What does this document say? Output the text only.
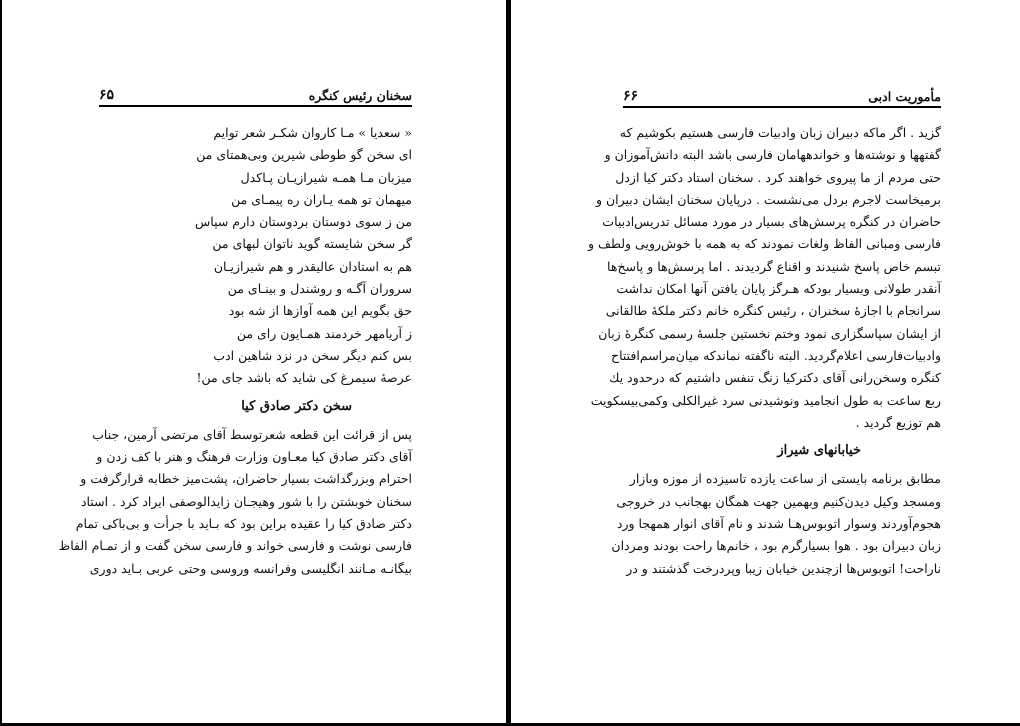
سخنان رئیس کنگره
۶۵
« سعدیا » مـا کاروان شکـر شعر توایم
ای سخن گو طوطی شیرین وبی‌همتای من
میزبان مـا همـه شیرازیـان پـاکدل
میهمان تو همه یـاران ره پیمـای من
من ز سوی دوستان بردوستان دارم سپاس
گر سخن شایسته گوید ناتوان لبهای من
هم به استادان عالیقدر و هم شیرازیـان
سروران آگـه و روشندل و بینـای من
حق بگویم این همه آوازها از شه بود
ز آریامهر خردمند همـایون رای من
بس کنم دیگر سخن در نزد شاهین ادب
عرصهٔ سیمرغ کی شاید که باشد جای من!
سخن دکتر صادق کیا
پس از قرائت این قطعه شعرتوسط آقای مرتضی آرمین، جناب
آقای دکتر صادق کیا معـاون وزارت فرهنگ و هنر با کف زدن و
احترام وبزرگداشت بسیار حاضران، پشت‌میز خطابه قرارگرفت و
سخنان خوبشتن را با شور وهیجـان زایدالوصفی ایراد کرد . استاد
دکتر صادق کیا را عقیده براین بود که بـاید با جرأت و بی‌باکی تمام
فارسی نوشت و فارسی خواند و فارسی سخن گفت و از تمـام الفاظ
بیگانـه مـانند انگلیسی وفرانسه وروسی وحتی عربی بـاید دوری
مأموریت ادبی
۶۶
گزید . اگر ماکه دبیران زبان وادبیات فارسی هستیم بکوشیم که
گفتهها و نوشته‌ها و خواندههامان فارسی باشد البته دانش‌آموزان و
حتی مردم از ما پیروی خواهند کرد . سخنان استاد دکتر کیا ازدل
برمیخاست لاجرم بردل می‌نشست . درپایان سخنان ایشان دبیران و
حاضران در کنگره پرسش‌های بسیار در مورد مسائل تدریس‌ادبیات
فارسی ومبانی الفاظ ولغات نمودند که به همه با خوش‌رویی ولطف و
تبسم خاص پاسخ شنیدند و اقناع گردیدند . اما پرسش‌ها و پاسخ‌ها
آنقدر طولانی وبسیار بودکه هـرگز پایان یافتن آنها امکان نداشت
سرانجام با اجازهٔ سخنران ، رئیس کنگره خانم دکتر ملکهٔ طالقانی
از ایشان سپاسگزاری نمود وختم نخستین جلسهٔ رسمی کنگرهٔ زبان
وادبیات‌فارسی اعلام‌گردید. البته ناگفته نماندکه میان‌مراسم‌افتتاح
کنگره وسخن‌رانی آقای دکترکیا زنگ تنفس داشتیم که درحدود یك
ربع ساعت به طول انجامید ونوشیدنی سرد غیرالکلی وکمی‌بیسکویت
هم توزیع گردید .
خیابانهای شیراز
مطابق برنامه بایستی از ساعت یازده تاسیزده از موزه وبازار
ومسجد وکیل دیدن‌کنیم وبهمین جهت همگان بهجانب در خروجی
هجوم‌آوردند وسوار اتوبوس‌هـا شدند و نام آقای انوار همهجا ورد
زبان دبیران بود . هوا بسیارگرم بود ، خانم‌ها راحت بودند ومردان
ناراحت! اتوبوس‌ها ازچندین خیابان زیبا وپردرخت گذشتند و در
